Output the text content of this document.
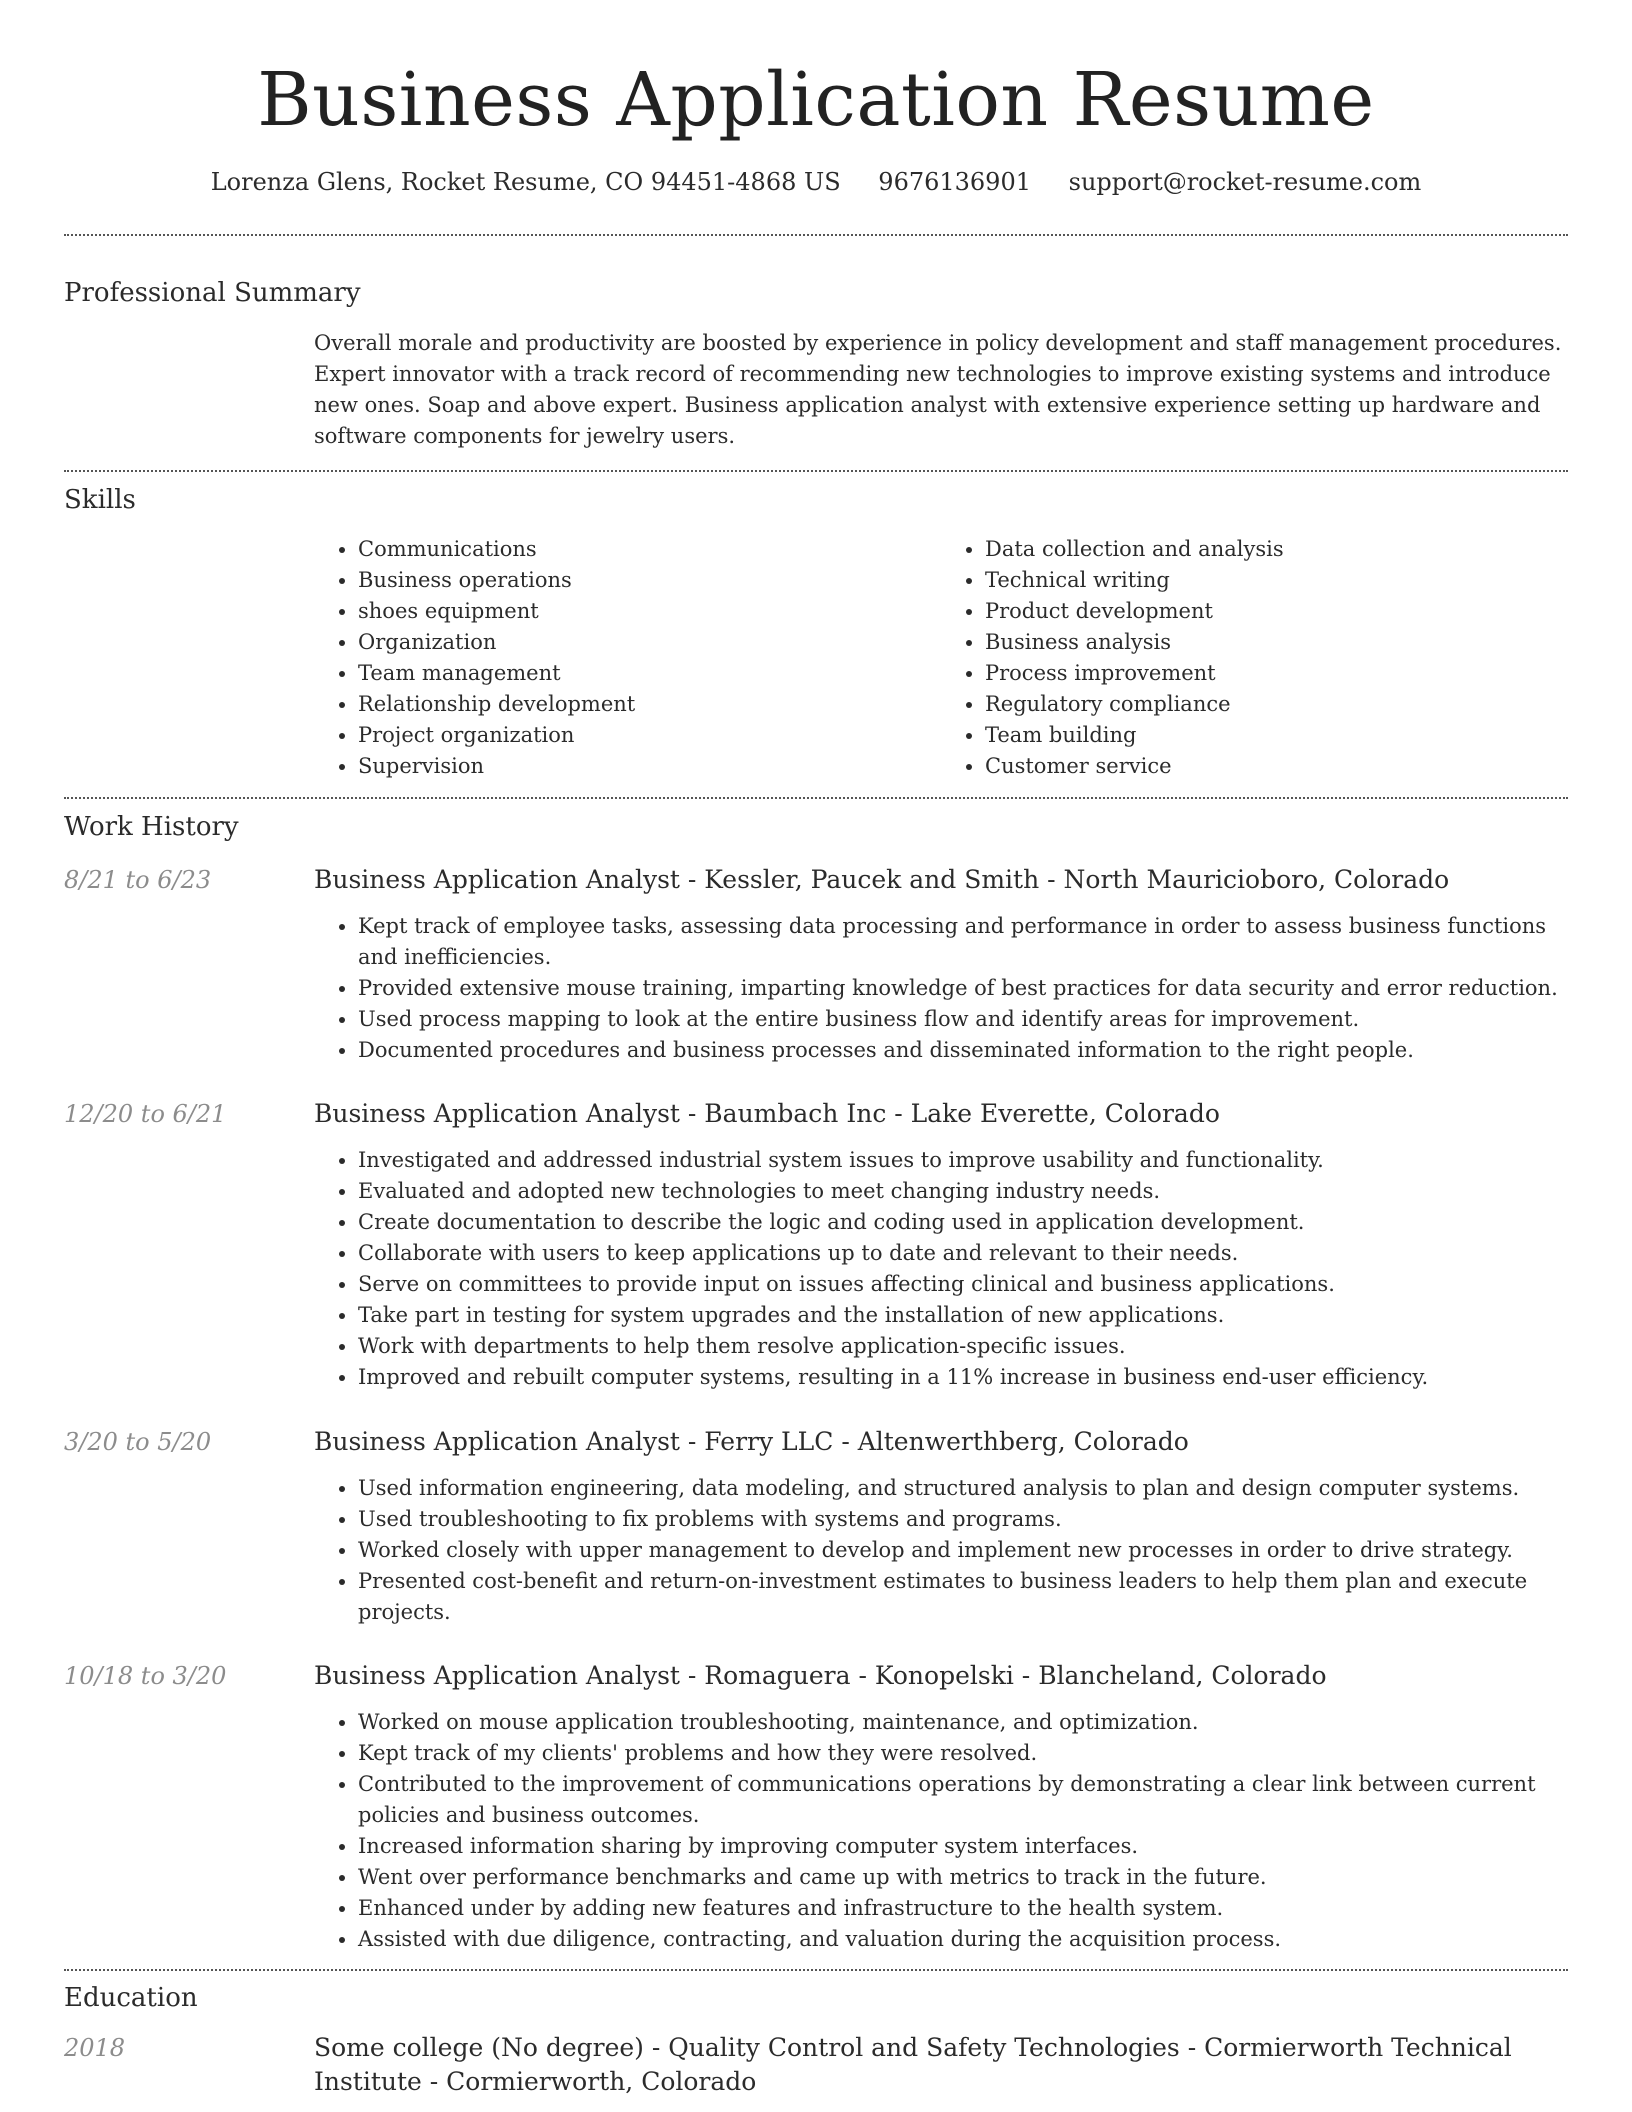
Business Application Resume
Lorenza Glens, Rocket Resume, CO 94451-4868 US 9676136901 support@rocket-resume.com
Professional Summary
Overall morale and productivity are boosted by experience in policy development and staff management procedures. Expert innovator with a track record of recommending new technologies to improve existing systems and introduce new ones. Soap and above expert. Business application analyst with extensive experience setting up hardware and software components for jewelry users.
Skills
• Communications
• Business operations
• shoes equipment
• Organization
• Team management
• Relationship development
• Project organization
• Supervision
• Data collection and analysis
• Technical writing
• Product development
• Business analysis
• Process improvement
• Regulatory compliance
• Team building
• Customer service
Work History
8/21 to 6/23	Business Application Analyst - Kessler, Paucek and Smith - North Mauricioboro, Colorado
• Kept track of employee tasks, assessing data processing and performance in order to assess business functions and inefficiencies.
• Provided extensive mouse training, imparting knowledge of best practices for data security and error reduction.
• Used process mapping to look at the entire business flow and identify areas for improvement.
• Documented procedures and business processes and disseminated information to the right people.
12/20 to 6/21	Business Application Analyst - Baumbach Inc - Lake Everette, Colorado
• Investigated and addressed industrial system issues to improve usability and functionality.
• Evaluated and adopted new technologies to meet changing industry needs.
• Create documentation to describe the logic and coding used in application development.
• Collaborate with users to keep applications up to date and relevant to their needs.
• Serve on committees to provide input on issues affecting clinical and business applications.
• Take part in testing for system upgrades and the installation of new applications.
• Work with departments to help them resolve application-specific issues.
• Improved and rebuilt computer systems, resulting in a 11% increase in business end-user efficiency.
3/20 to 5/20	Business Application Analyst - Ferry LLC - Altenwerthberg, Colorado
• Used information engineering, data modeling, and structured analysis to plan and design computer systems.
• Used troubleshooting to fix problems with systems and programs.
• Worked closely with upper management to develop and implement new processes in order to drive strategy.
• Presented cost-benefit and return-on-investment estimates to business leaders to help them plan and execute projects.
10/18 to 3/20	Business Application Analyst - Romaguera - Konopelski - Blancheland, Colorado
• Worked on mouse application troubleshooting, maintenance, and optimization.
• Kept track of my clients' problems and how they were resolved.
• Contributed to the improvement of communications operations by demonstrating a clear link between current policies and business outcomes.
• Increased information sharing by improving computer system interfaces.
• Went over performance benchmarks and came up with metrics to track in the future.
• Enhanced under by adding new features and infrastructure to the health system.
• Assisted with due diligence, contracting, and valuation during the acquisition process.
Education
2018	Some college (No degree) - Quality Control and Safety Technologies - Cormierworth Technical Institute - Cormierworth, Colorado
